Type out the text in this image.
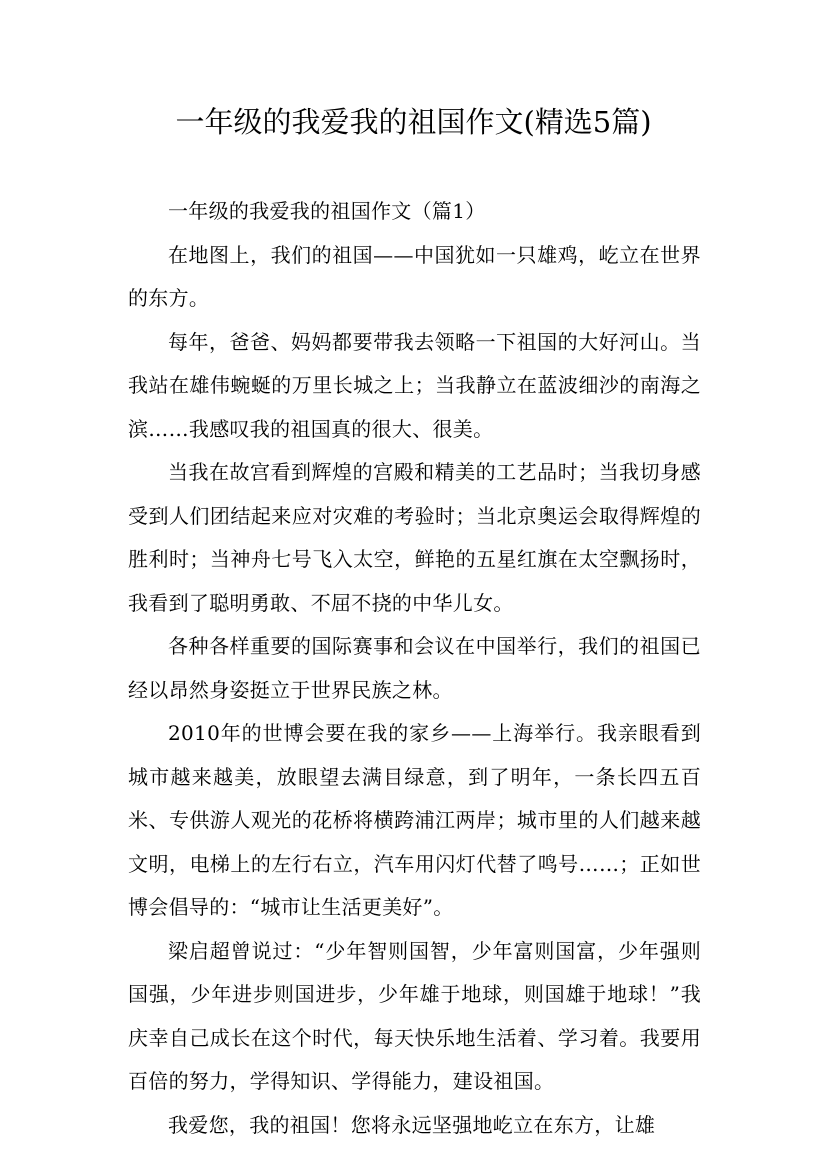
一年级的我爱我的祖国作文(精选5篇)

一年级的我爱我的祖国作文（篇1）

在地图上，我们的祖国——中国犹如一只雄鸡，屹立在世界的东方。

每年，爸爸、妈妈都要带我去领略一下祖国的大好河山。当我站在雄伟蜿蜒的万里长城之上；当我静立在蓝波细沙的南海之滨……我感叹我的祖国真的很大、很美。

当我在故宫看到辉煌的宫殿和精美的工艺品时；当我切身感受到人们团结起来应对灾难的考验时；当北京奥运会取得辉煌的胜利时；当神舟七号飞入太空，鲜艳的五星红旗在太空飘扬时，我看到了聪明勇敢、不屈不挠的中华儿女。

各种各样重要的国际赛事和会议在中国举行，我们的祖国已经以昂然身姿挺立于世界民族之林。

2010年的世博会要在我的家乡——上海举行。我亲眼看到城市越来越美，放眼望去满目绿意，到了明年，一条长四五百米、专供游人观光的花桥将横跨浦江两岸；城市里的人们越来越文明，电梯上的左行右立，汽车用闪灯代替了鸣号……；正如世博会倡导的：“城市让生活更美好”。

梁启超曾说过：“少年智则国智，少年富则国富，少年强则国强，少年进步则国进步，少年雄于地球，则国雄于地球！”我庆幸自己成长在这个时代，每天快乐地生活着、学习着。我要用百倍的努力，学得知识、学得能力，建设祖国。

我爱您，我的祖国！您将永远坚强地屹立在东方，让雄
